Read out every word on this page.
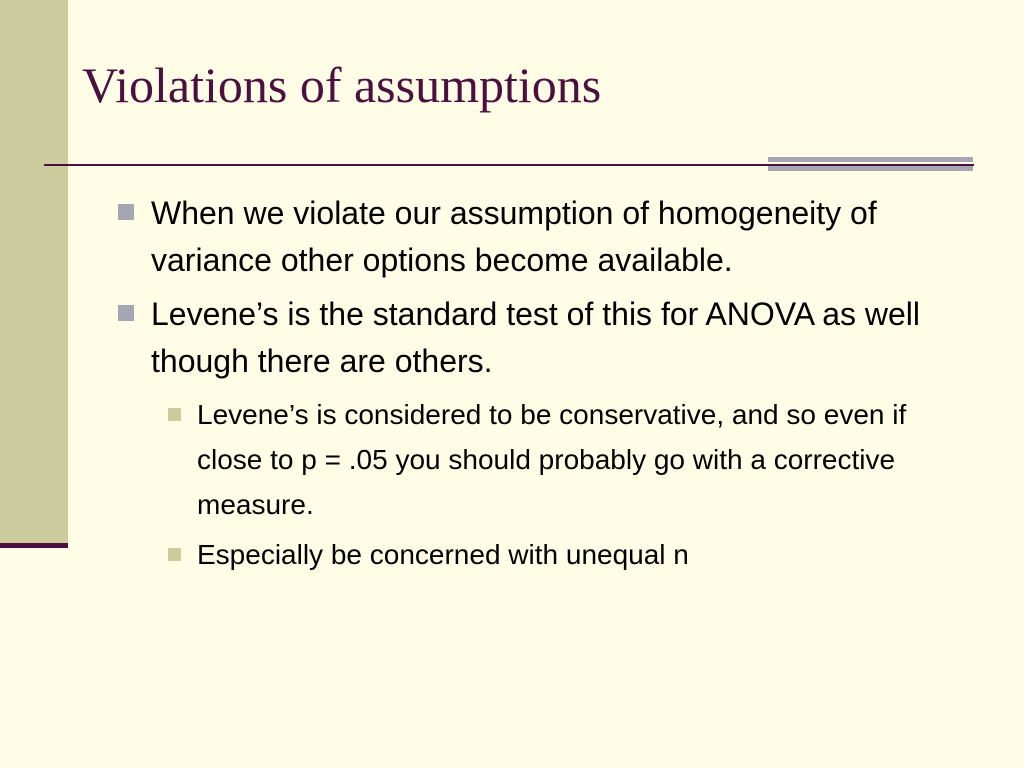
Violations of assumptions
When we violate our assumption of homogeneity of variance other options become available.
Levene’s is the standard test of this for ANOVA as well though there are others.
Levene’s is considered to be conservative, and so even if close to p = .05 you should probably go with a corrective measure.
Especially be concerned with unequal n
